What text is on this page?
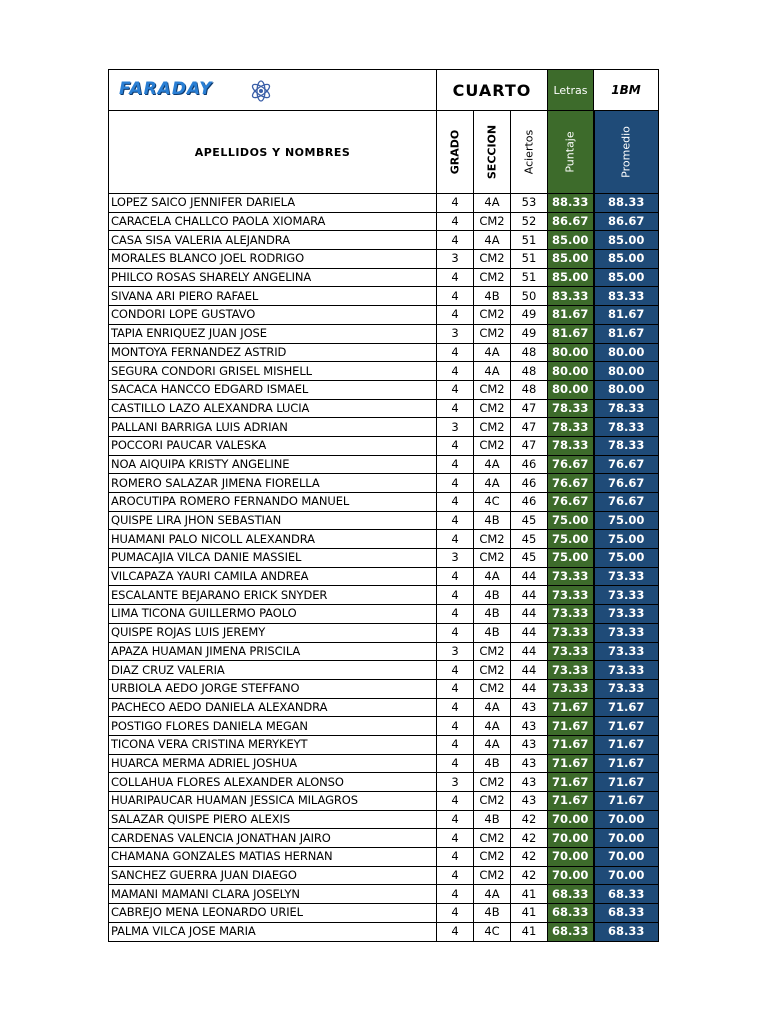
FARADAY	CUARTO			Letras	1BM
APELLIDOS Y NOMBRES	GRADO	SECCION	Aciertos	Puntaje	Promedio

LOPEZ SAICO JENNIFER DARIELA	4	4A	53	88.33	88.33
CARACELA CHALLCO PAOLA XIOMARA	4	CM2	52	86.67	86.67
CASA SISA VALERIA ALEJANDRA	4	4A	51	85.00	85.00
MORALES BLANCO JOEL RODRIGO	3	CM2	51	85.00	85.00
PHILCO ROSAS SHARELY ANGELINA	4	CM2	51	85.00	85.00
SIVANA ARI PIERO RAFAEL	4	4B	50	83.33	83.33
CONDORI LOPE GUSTAVO	4	CM2	49	81.67	81.67
TAPIA ENRIQUEZ JUAN JOSE	3	CM2	49	81.67	81.67
MONTOYA FERNANDEZ ASTRID	4	4A	48	80.00	80.00
SEGURA CONDORI GRISEL MISHELL	4	4A	48	80.00	80.00
SACACA HANCCO EDGARD ISMAEL	4	CM2	48	80.00	80.00
CASTILLO LAZO ALEXANDRA LUCIA	4	CM2	47	78.33	78.33
PALLANI BARRIGA LUIS ADRIAN	3	CM2	47	78.33	78.33
POCCORI PAUCAR VALESKA	4	CM2	47	78.33	78.33
NOA AIQUIPA KRISTY ANGELINE	4	4A	46	76.67	76.67
ROMERO SALAZAR JIMENA FIORELLA	4	4A	46	76.67	76.67
AROCUTIPA ROMERO FERNANDO MANUEL	4	4C	46	76.67	76.67
QUISPE LIRA JHON SEBASTIAN	4	4B	45	75.00	75.00
HUAMANI PALO NICOLL ALEXANDRA	4	CM2	45	75.00	75.00
PUMACAJIA VILCA DANIE MASSIEL	3	CM2	45	75.00	75.00
VILCAPAZA YAURI CAMILA ANDREA	4	4A	44	73.33	73.33
ESCALANTE BEJARANO ERICK SNYDER	4	4B	44	73.33	73.33
LIMA TICONA GUILLERMO PAOLO	4	4B	44	73.33	73.33
QUISPE ROJAS LUIS JEREMY	4	4B	44	73.33	73.33
APAZA HUAMAN JIMENA PRISCILA	3	CM2	44	73.33	73.33
DIAZ CRUZ VALERIA	4	CM2	44	73.33	73.33
URBIOLA AEDO JORGE STEFFANO	4	CM2	44	73.33	73.33
PACHECO AEDO DANIELA ALEXANDRA	4	4A	43	71.67	71.67
POSTIGO FLORES DANIELA MEGAN	4	4A	43	71.67	71.67
TICONA VERA CRISTINA MERYKEYT	4	4A	43	71.67	71.67
HUARCA MERMA ADRIEL JOSHUA	4	4B	43	71.67	71.67
COLLAHUA FLORES ALEXANDER ALONSO	3	CM2	43	71.67	71.67
HUARIPAUCAR HUAMAN JESSICA MILAGROS	4	CM2	43	71.67	71.67
SALAZAR QUISPE PIERO ALEXIS	4	4B	42	70.00	70.00
CARDENAS VALENCIA JONATHAN JAIRO	4	CM2	42	70.00	70.00
CHAMANA GONZALES MATIAS HERNAN	4	CM2	42	70.00	70.00
SANCHEZ GUERRA JUAN DIAEGO	4	CM2	42	70.00	70.00
MAMANI MAMANI CLARA JOSELYN	4	4A	41	68.33	68.33
CABREJO MENA LEONARDO URIEL	4	4B	41	68.33	68.33
PALMA VILCA JOSE MARIA	4	4C	41	68.33	68.33
